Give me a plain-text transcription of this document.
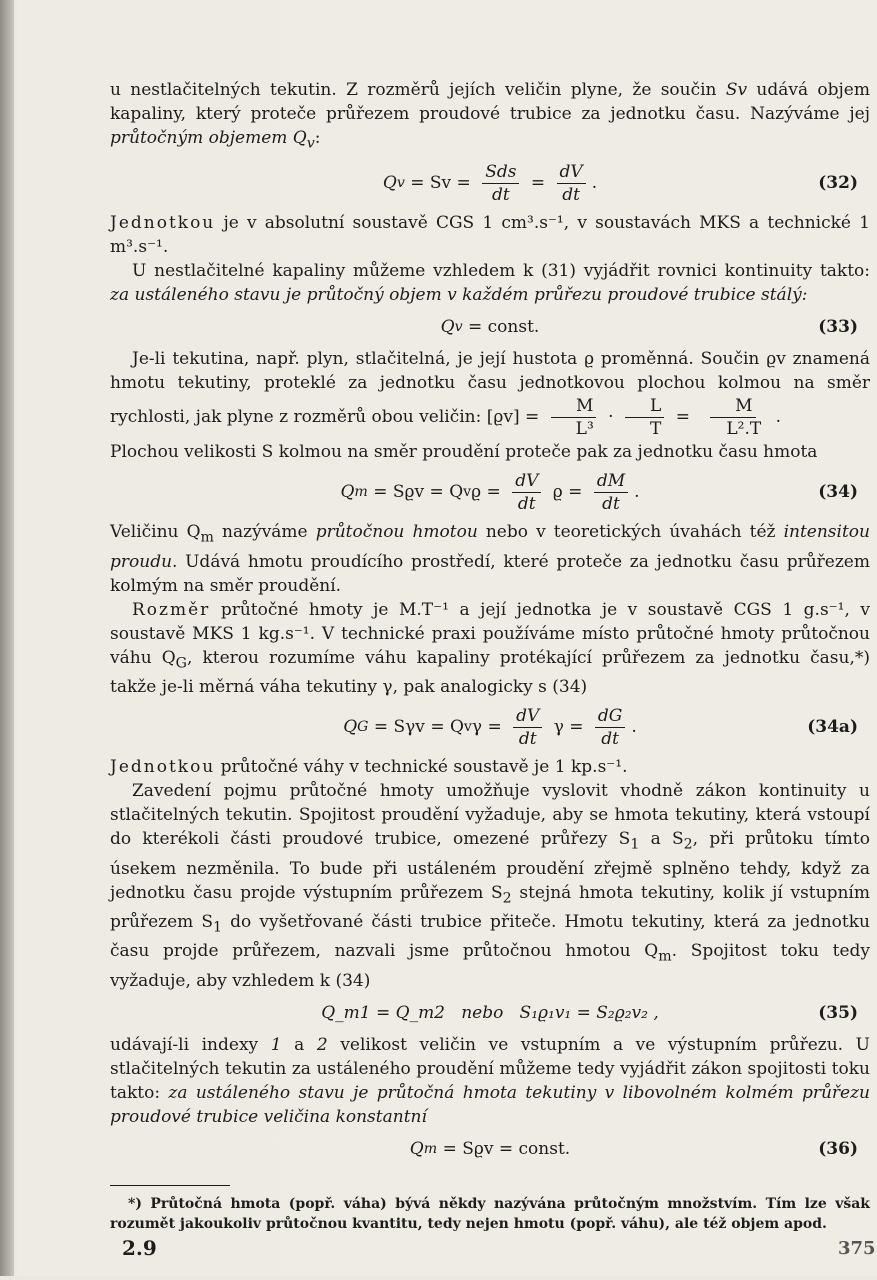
u nestlačitelných tekutin. Z rozměrů jejích veličin plyne, že součin Sv udává objem kapaliny, který proteče průřezem proudové trubice za jednotku času. Nazýváme jej průtočným objemem $Q_v$:

Q $v = Sv = \frac{\text{Sds}}{dt} = \frac{dV}{dt}$ .	(32)

Jednotkou je v absolutní soustavě CGS 1 cm³.s⁻¹, v soustavách MKS a technické 1 m³.s⁻¹.

U nestlačitelné kapaliny můžeme vzhledem k (31) vyjádřit rovnici kontinuity takto: za ustáleného stavu je průtočný objem v každém průřezu proudové trubice stálý:

Q v = const.	(33)

Je-li tekutina, např. plyn, stlačitelná, je její hustota ϱ proměnná. Součin ϱv znamená hmotu tekutiny, proteklé za jednotku času jednotkovou plochou kolmou na směr rychlosti, jak plyne z rozměrů obou veličin: $[ϱv] = \frac{M}{\text{L³}} \cdot \frac{L}{T} = \frac{M}{\text{L².T}}$ .

Plochou velikosti S kolmou na směr proudění proteče pak za jednotku času hmota

Q m = Sϱv = Q v $ϱ = \frac{dV}{dt}$ $ϱ = \frac{dM}{dt}$ .	(34)

Veličinu $Q_m$ nazýváme průtočnou hmotou nebo v teoretických úvahách též intensitou proudu. Udává hmotu proudícího prostředí, které proteče za jednotku času průřezem kolmým na směr proudění.

Rozměr průtočné hmoty je M.T⁻¹ a její jednotka je v soustavě CGS 1 g.s⁻¹, v soustavě MKS 1 kg.s⁻¹. V technické praxi používáme místo průtočné hmoty průtočnou váhu $Q_G$, kterou rozumíme váhu kapaliny protékající průřezem za jednotku času,*) takže je-li měrná váha tekutiny γ, pak analogicky s (34)

Q G = Sγv = Q v $\gamma = \frac{dV}{dt}$ $\gamma = \frac{dG}{dt}$ .	(34a)

Jednotkou průtočné váhy v technické soustavě je 1 kp.s⁻¹.

Zavedení pojmu průtočné hmoty umožňuje vyslovit vhodně zákon kontinuity u stlačitelných tekutin. Spojitost proudění vyžaduje, aby se hmota tekutiny, která vstoupí do kterékoli části proudové trubice, omezené průřezy $S_1$ a $S_2$, při průtoku tímto úsekem nezměnila. To bude při ustáleném proudění zřejmě splněno tehdy, když za jednotku času projde výstupním průřezem $S_2$ stejná hmota tekutiny, kolik jí vstupním průřezem $S_1$ do vyšetřované části trubice přiteče. Hmotu tekutiny, která za jednotku času projde průřezem, nazvali jsme průtočnou hmotou $Q_m$. Spojitost toku tedy vyžaduje, aby vzhledem k (34)

Q_m1 = Q_m2   nebo   S₁ϱ₁v₁ = S₂ϱ₂v₂ ,	(35)

udávají-li indexy 1 a 2 velikost veličin ve vstupním a ve výstupním průřezu. U stlačitelných tekutin za ustáleného proudění můžeme tedy vyjádřit zákon spojitosti toku takto: za ustáleného stavu je průtočná hmota tekutiny v libovolném kolmém průřezu proudové trubice veličina konstantní

Q m = Sϱv = const.	(36)

*) Průtočná hmota (popř. váha) bývá někdy nazývána průtočným množstvím. Tím lze však rozumět jakoukoliv průtočnou kvantitu, tedy nejen hmotu (popř. váhu), ale též objem apod.

2.9	375
